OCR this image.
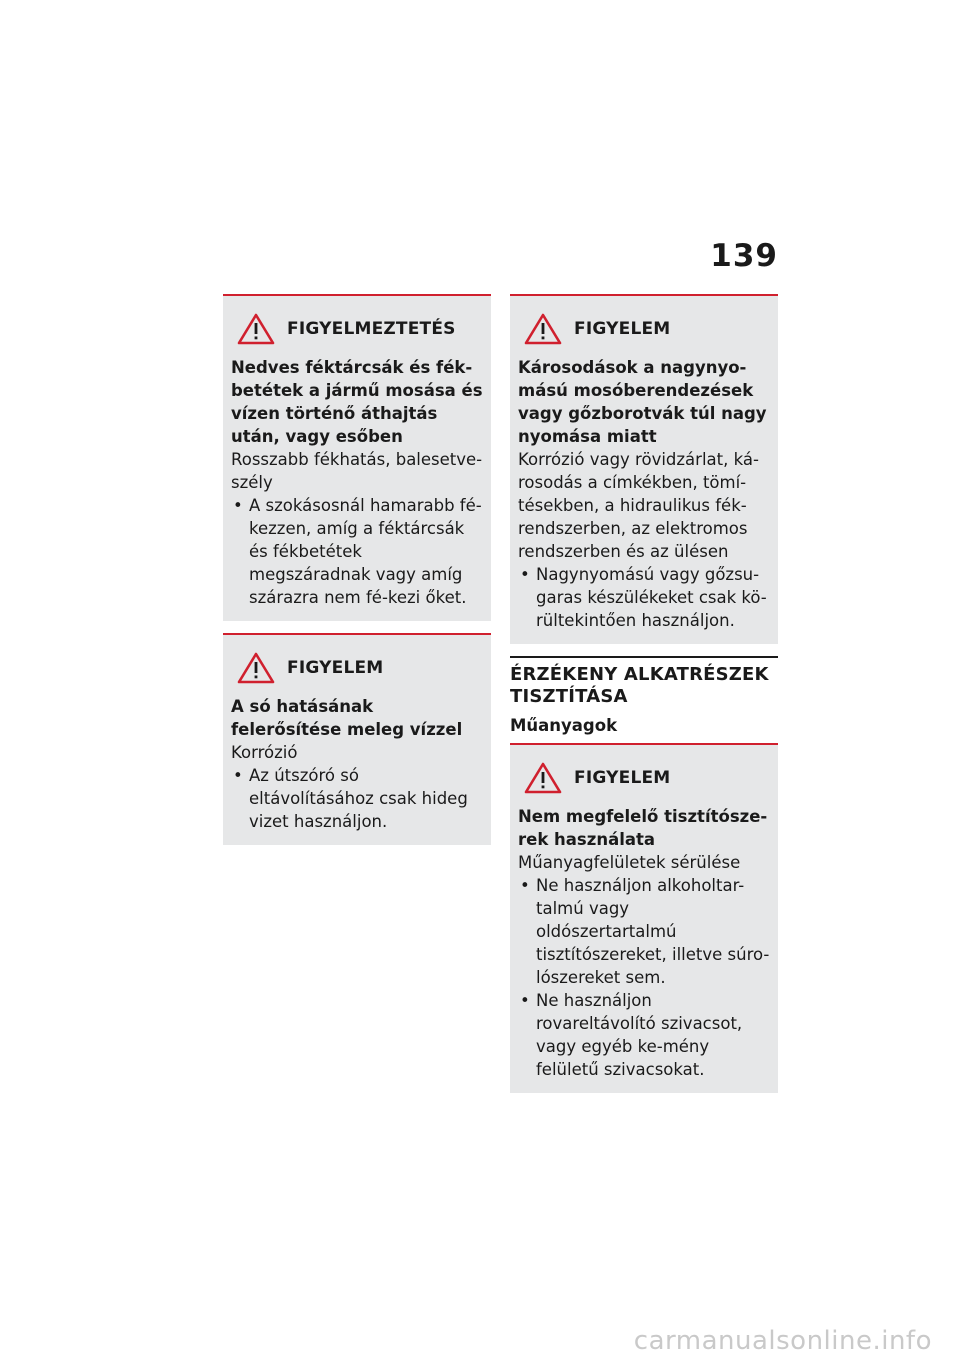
139
FIGYELMEZTETÉS
Nedves féktárcsák és fék-betétek a jármű mosása és vízen történő áthajtás után, vagy esőben
Rosszabb fékhatás, balesetve-szély
• A szokásosnál hamarabb fé-kezzen, amíg a féktárcsák és fékbetétek megszáradnak vagy amíg szárazra nem fé-kezi őket.
FIGYELEM
A só hatásának felerősítése meleg vízzel
Korrózió
• Az útszóró só eltávolításához csak hideg vizet használjon.
FIGYELEM
Károsodások a nagynyo-mású mosóberendezések vagy gőzborotvák túl nagy nyomása miatt
Korrózió vagy rövidzárlat, ká-rosodás a címkékben, tömí-tésekben, a hidraulikus fék-rendszerben, az elektromos rendszerben és az ülésen
• Nagynyomású vagy gőzsu-garas készülékeket csak kö-rültekintően használjon.
ÉRZÉKENY ALKATRÉSZEK TISZTÍTÁSA
Műanyagok
FIGYELEM
Nem megfelelő tisztítósze-rek használata
Műanyagfelületek sérülése
• Ne használjon alkoholtar-talmú vagy oldószertartalmú tisztítószereket, illetve súro-lószereket sem.
• Ne használjon rovareltávolító szivacsot, vagy egyéb ke-mény felületű szivacsokat.
carmanualsonline.info
